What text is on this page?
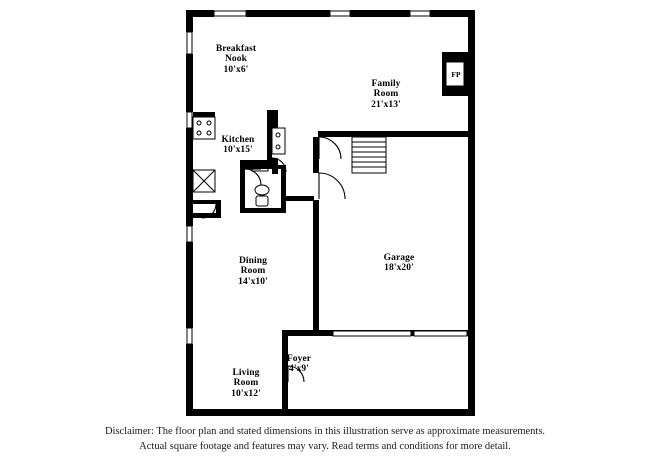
Breakfast
Nook
10'x6'

Kitchen
10'x15'

Family
Room
21'x13'

Dining
Room
14'x10'

Garage
18'x20'

Living
Room
10'x12'

Foyer
4'x9'

FP
Disclaimer: The floor plan and stated dimensions in this illustration serve as approximate measurements.
Actual square footage and features may vary. Read terms and conditions for more detail.
